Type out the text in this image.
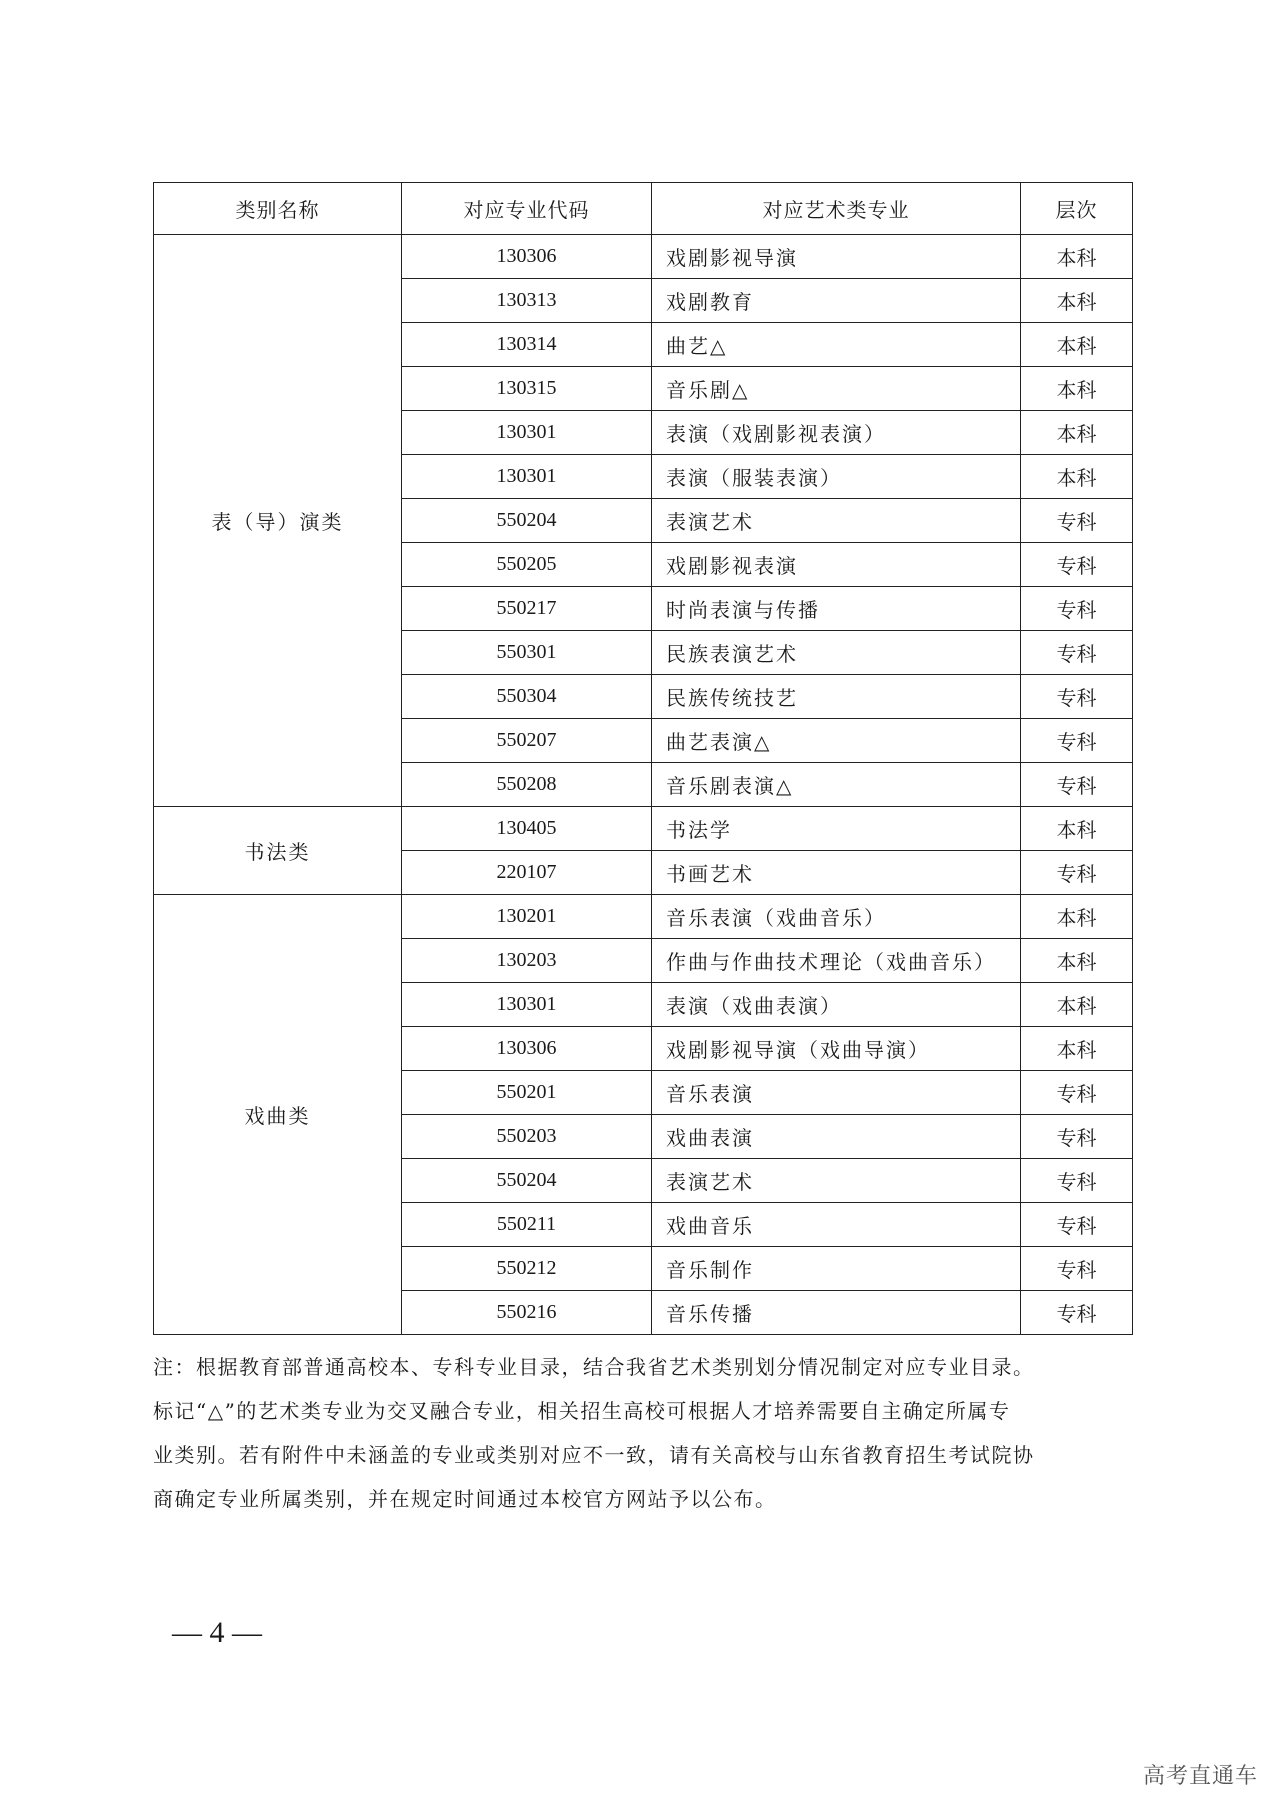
类别名称	对应专业代码	对应艺术类专业	层次
表（导）演类	130306	戏剧影视导演	本科
	130313	戏剧教育	本科
	130314	曲艺△	本科
	130315	音乐剧△	本科
	130301	表演（戏剧影视表演）	本科
	130301	表演（服装表演）	本科
	550204	表演艺术	专科
	550205	戏剧影视表演	专科
	550217	时尚表演与传播	专科
	550301	民族表演艺术	专科
	550304	民族传统技艺	专科
	550207	曲艺表演△	专科
	550208	音乐剧表演△	专科
书法类	130405	书法学	本科
	220107	书画艺术	专科
戏曲类	130201	音乐表演（戏曲音乐）	本科
	130203	作曲与作曲技术理论（戏曲音乐）	本科
	130301	表演（戏曲表演）	本科
	130306	戏剧影视导演（戏曲导演）	本科
	550201	音乐表演	专科
	550203	戏曲表演	专科
	550204	表演艺术	专科
	550211	戏曲音乐	专科
	550212	音乐制作	专科
	550216	音乐传播	专科

注：根据教育部普通高校本、专科专业目录，结合我省艺术类别划分情况制定对应专业目录。

标记“△”的艺术类专业为交叉融合专业，相关招生高校可根据人才培养需要自主确定所属专

业类别。若有附件中未涵盖的专业或类别对应不一致，请有关高校与山东省教育招生考试院协

商确定专业所属类别，并在规定时间通过本校官方网站予以公布。

— 4 —
高考直通车
